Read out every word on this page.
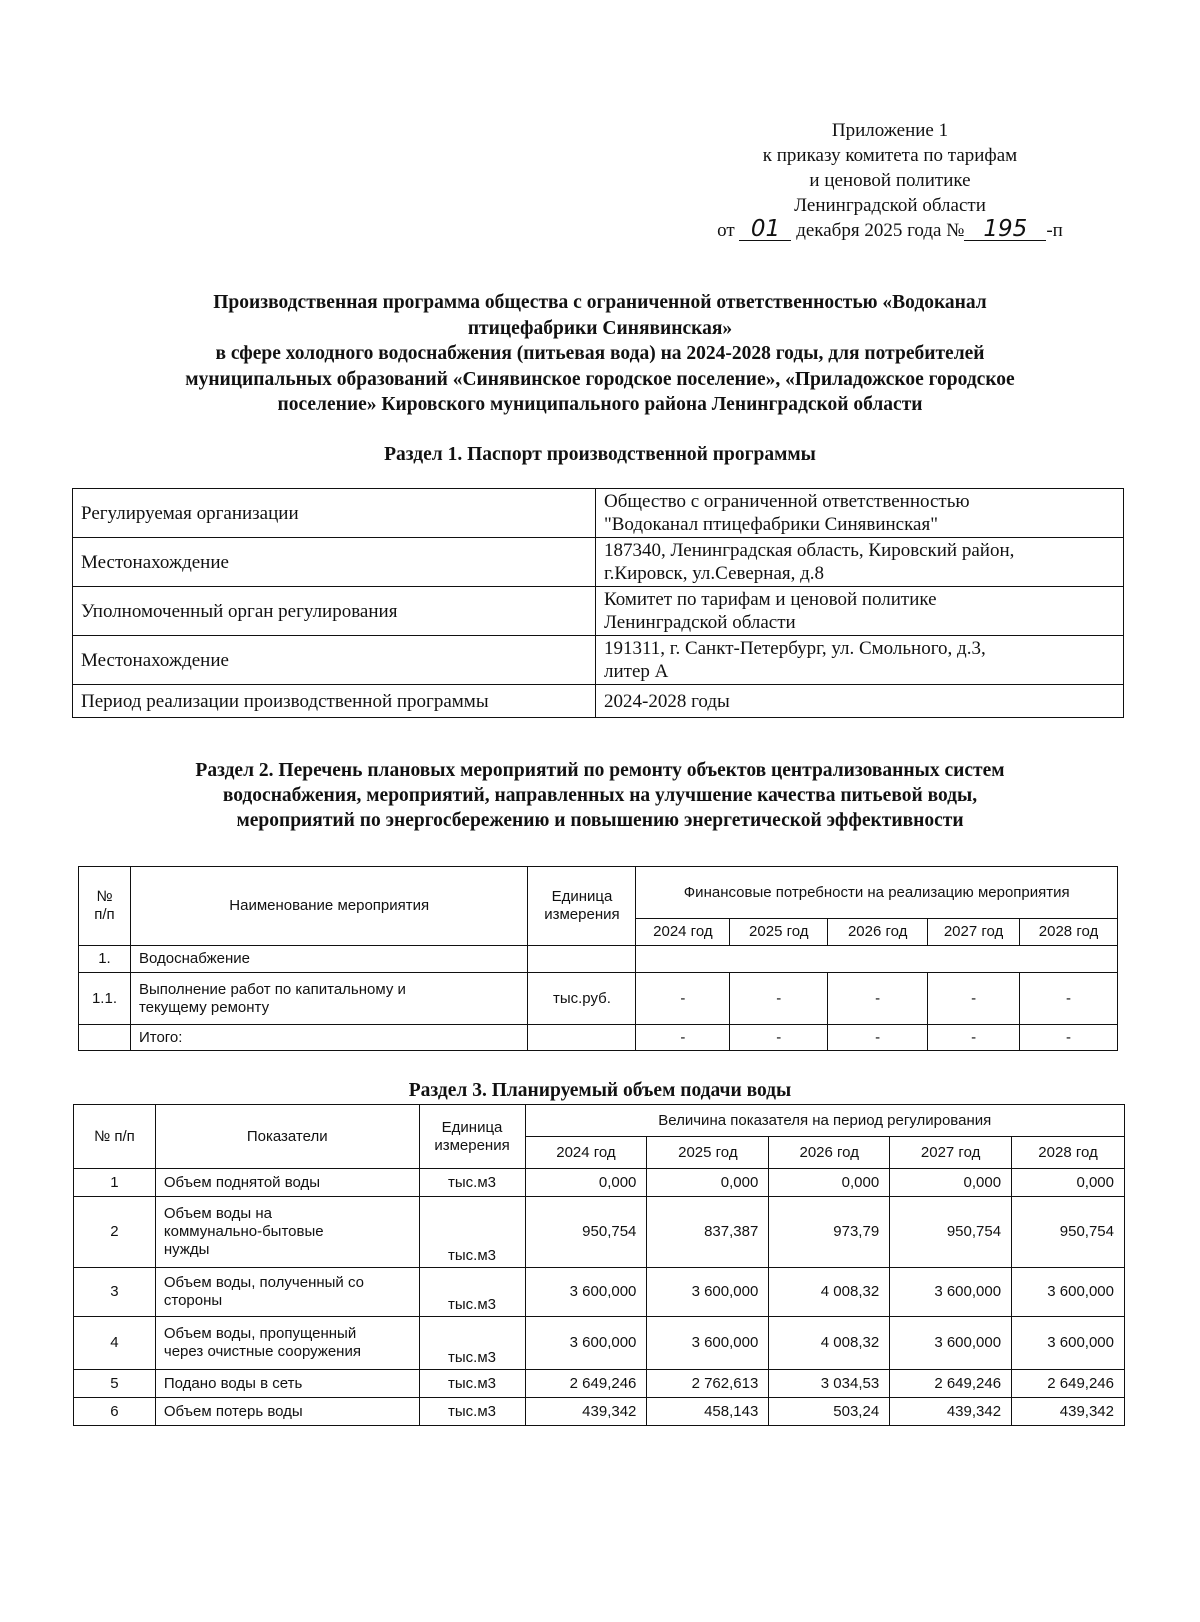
Приложение 1
к приказу комитета по тарифам
и ценовой политике
Ленинградской области
от 01 декабря 2025 года № 195 -п
Производственная программа общества с ограниченной ответственностью «Водоканал
птицефабрики Синявинская»
в сфере холодного водоснабжения (питьевая вода) на 2024-2028 годы, для потребителей
муниципальных образований «Синявинское городское поселение», «Приладожское городское
поселение» Кировского муниципального района Ленинградской области
Раздел 1. Паспорт производственной программы
Регулируемая организации	Общество с ограниченной ответственностью
"Водоканал птицефабрики Синявинская"
Местонахождение	187340, Ленинградская область, Кировский район,
г.Кировск, ул.Северная, д.8
Уполномоченный орган регулирования	Комитет по тарифам и ценовой политике
Ленинградской области
Местонахождение	191311, г. Санкт-Петербург, ул. Смольного, д.3,
литер А
Период реализации производственной программы	2024-2028 годы
Раздел 2. Перечень плановых мероприятий по ремонту объектов централизованных систем
водоснабжения, мероприятий, направленных на улучшение качества питьевой воды,
мероприятий по энергосбережению и повышению энергетической эффективности
№
п/п	Наименование мероприятия	Единица
измерения	Финансовые потребности на реализацию мероприятия				
			2024 год	2025 год	2026 год	2027 год	2028 год
1.	Водоснабжение						
1.1.	Выполнение работ по капитальному и
текущему ремонту	тыс.руб.	-	-	-	-	-
	Итого:		-	-	-	-	-
Раздел 3. Планируемый объем подачи воды
№ п/п	Показатели	Единица
измерения	Величина показателя на период регулирования				
			2024 год	2025 год	2026 год	2027 год	2028 год
1	Объем поднятой воды	тыс.м3	0,000	0,000	0,000	0,000	0,000
2	Объем воды на
коммунально-бытовые
нужды	тыс.м3	950,754	837,387	973,79	950,754	950,754
3	Объем воды, полученный со
стороны	тыс.м3	3 600,000	3 600,000	4 008,32	3 600,000	3 600,000
4	Объем воды, пропущенный
через очистные сооружения	тыс.м3	3 600,000	3 600,000	4 008,32	3 600,000	3 600,000
5	Подано воды в сеть	тыс.м3	2 649,246	2 762,613	3 034,53	2 649,246	2 649,246
6	Объем потерь воды	тыс.м3	439,342	458,143	503,24	439,342	439,342
